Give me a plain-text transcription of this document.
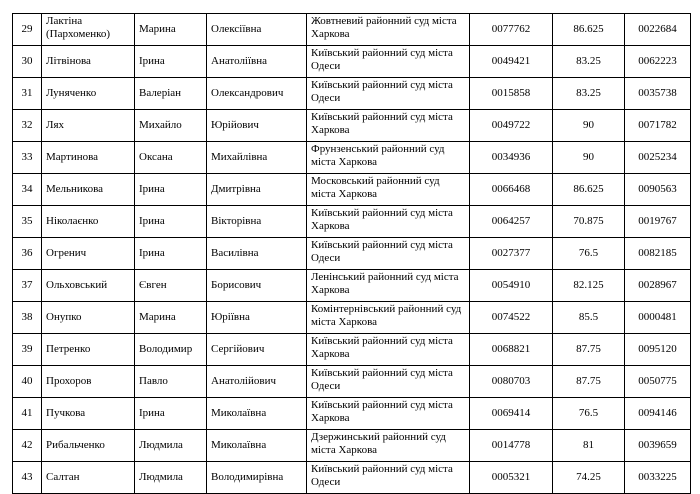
29	Лактіна (Пархоменко)	Марина	Олексіївна	Жовтневий районний суд міста Харкова	0077762	86.625	0022684
30	Літвінова	Ірина	Анатоліївна	Київський районний суд міста Одеси	0049421	83.25	0062223
31	Луняченко	Валеріан	Олександрович	Київський районний суд міста Одеси	0015858	83.25	0035738
32	Лях	Михайло	Юрійович	Київський районний суд міста Харкова	0049722	90	0071782
33	Мартинова	Оксана	Михайлівна	Фрунзенський районний суд міста Харкова	0034936	90	0025234
34	Мельникова	Ірина	Дмитрівна	Московський районний суд міста Харкова	0066468	86.625	0090563
35	Ніколаєнко	Ірина	Вікторівна	Київський районний суд міста Харкова	0064257	70.875	0019767
36	Огренич	Ірина	Василівна	Київський районний суд міста Одеси	0027377	76.5	0082185
37	Ольховський	Євген	Борисович	Ленінський районний суд міста Харкова	0054910	82.125	0028967
38	Онупко	Марина	Юріївна	Комінтернівський районний суд міста Харкова	0074522	85.5	0000481
39	Петренко	Володимир	Сергійович	Київський районний суд міста Харкова	0068821	87.75	0095120
40	Прохоров	Павло	Анатолійович	Київський районний суд міста Одеси	0080703	87.75	0050775
41	Пучкова	Ірина	Миколаївна	Київський районний суд міста Харкова	0069414	76.5	0094146
42	Рибальченко	Людмила	Миколаївна	Дзержинський районний суд міста Харкова	0014778	81	0039659
43	Салтан	Людмила	Володимирівна	Київський районний суд міста Одеси	0005321	74.25	0033225
